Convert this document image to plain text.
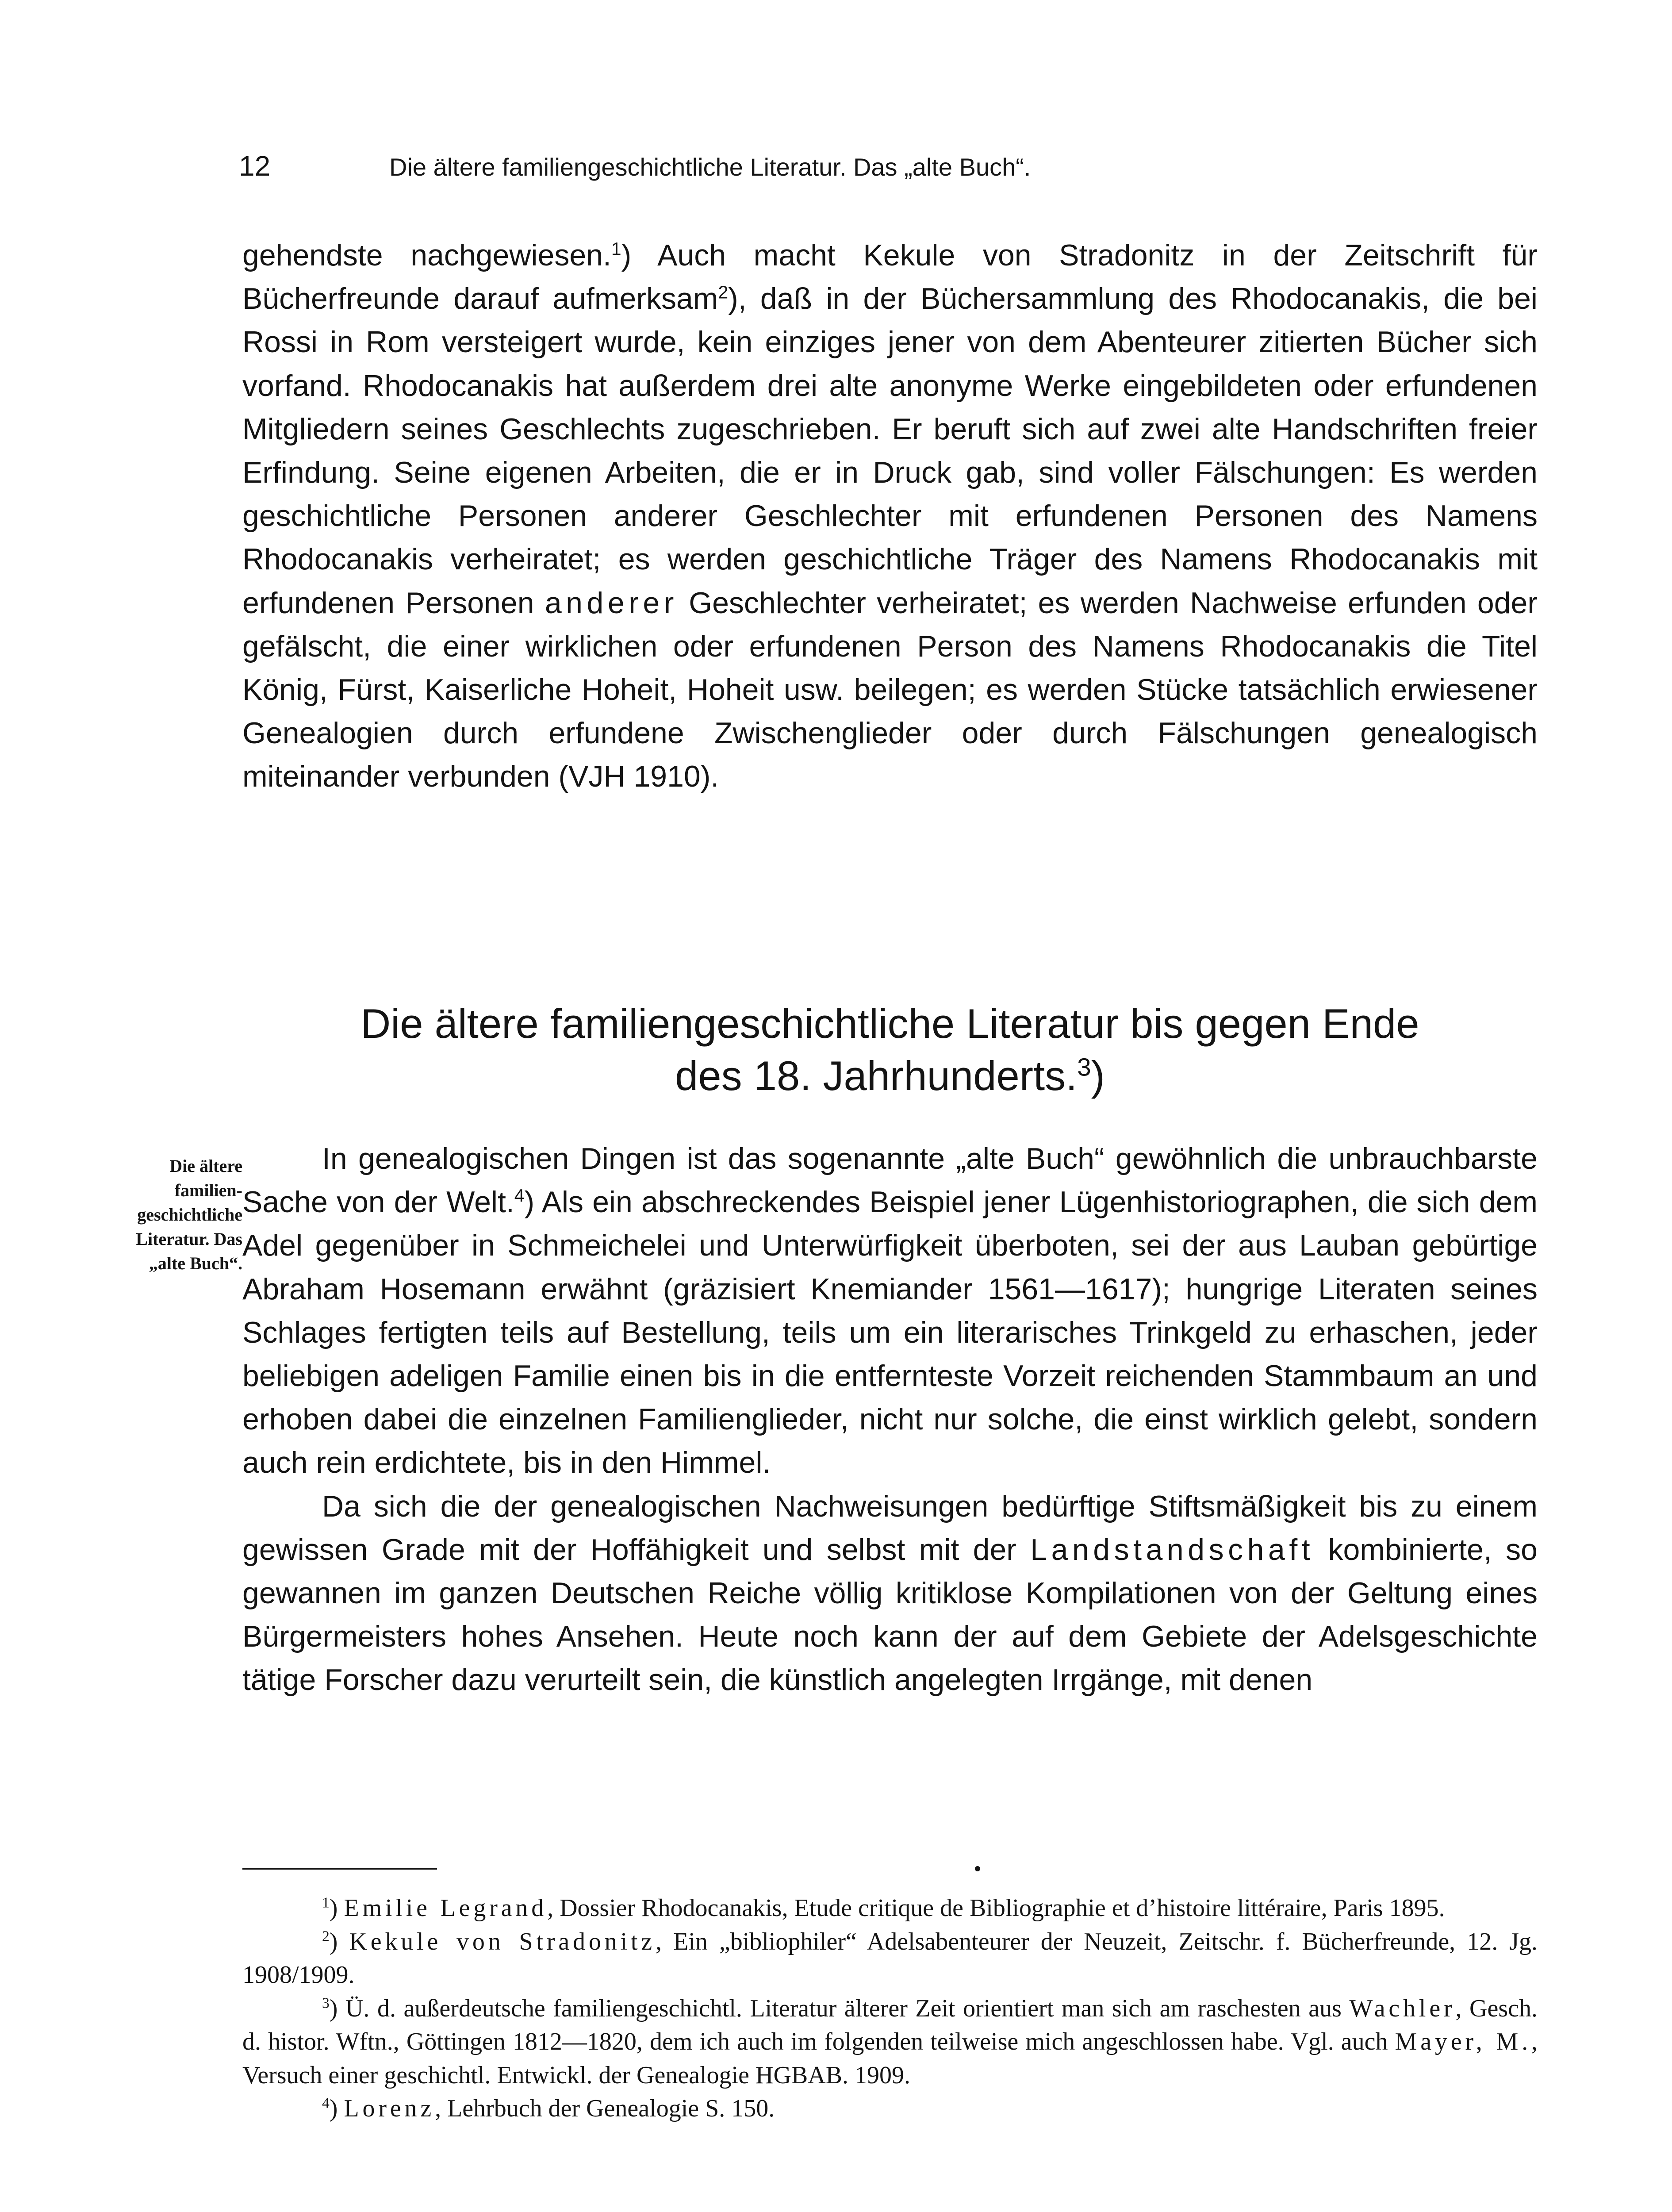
12	Die ältere familiengeschichtliche Literatur. Das „alte Buch“.

gehendste nachgewiesen.$^1$) Auch macht Kekule von Stradonitz in der Zeitschrift für Bücherfreunde darauf aufmerksam$^2$), daß in der Büchersammlung des Rhodocanakis, die bei Rossi in Rom versteigert wurde, kein einziges jener von dem Abenteurer zitierten Bücher sich vorfand. Rhodocanakis hat außerdem drei alte anonyme Werke eingebildeten oder erfundenen Mitgliedern seines Geschlechts zugeschrieben. Er beruft sich auf zwei alte Handschriften freier Erfindung. Seine eigenen Arbeiten, die er in Druck gab, sind voller Fälschungen: Es werden geschichtliche Personen anderer Geschlechter mit erfundenen Personen des Namens Rhodocanakis verheiratet; es werden geschichtliche Träger des Namens Rhodocanakis mit erfundenen Personen anderer Geschlechter verheiratet; es werden Nachweise erfunden oder gefälscht, die einer wirklichen oder erfundenen Person des Namens Rhodocanakis die Titel König, Fürst, Kaiserliche Hoheit, Hoheit usw. beilegen; es werden Stücke tatsächlich erwiesener Genealogien durch erfundene Zwischenglieder oder durch Fälschungen genealogisch miteinander verbunden (VJH 1910).

Die ältere familiengeschichtliche Literatur bis gegen Ende
des 18. Jahrhunderts.$^3$)
Die ältere
familien-
geschichtliche
Literatur. Das
„alte Buch“.

In genealogischen Dingen ist das sogenannte „alte Buch“ gewöhnlich die unbrauchbarste Sache von der Welt.$^4$) Als ein abschreckendes Beispiel jener Lügenhistoriographen, die sich dem Adel gegenüber in Schmeichelei und Unterwürfigkeit überboten, sei der aus Lauban gebürtige Abraham Hosemann erwähnt (gräzisiert Knemiander 1561—1617); hungrige Literaten seines Schlages fertigten teils auf Bestellung, teils um ein literarisches Trinkgeld zu erhaschen, jeder beliebigen adeligen Familie einen bis in die entfernteste Vorzeit reichenden Stammbaum an und erhoben dabei die einzelnen Familienglieder, nicht nur solche, die einst wirklich gelebt, sondern auch rein erdichtete, bis in den Himmel.

Da sich die der genealogischen Nachweisungen bedürftige Stiftsmäßigkeit bis zu einem gewissen Grade mit der Hoffähigkeit und selbst mit der Landstandschaft kombinierte, so gewannen im ganzen Deutschen Reiche völlig kritiklose Kompilationen von der Geltung eines Bürgermeisters hohes Ansehen. Heute noch kann der auf dem Gebiete der Adelsgeschichte tätige Forscher dazu verurteilt sein, die künstlich angelegten Irrgänge, mit denen

$^1$) Emilie Legrand, Dossier Rhodocanakis, Etude critique de Bibliographie et d’histoire littéraire, Paris 1895.

$^2$) Kekule von Stradonitz, Ein „bibliophiler“ Adelsabenteurer der Neuzeit, Zeitschr. f. Bücherfreunde, 12. Jg. 1908/1909.

$^3$) Ü. d. außerdeutsche familiengeschichtl. Literatur älterer Zeit orientiert man sich am raschesten aus Wachler, Gesch. d. histor. Wftn., Göttingen 1812—1820, dem ich auch im folgenden teilweise mich angeschlossen habe. Vgl. auch Mayer, M., Versuch einer geschichtl. Entwickl. der Genealogie HGBAB. 1909.

$^4$) Lorenz, Lehrbuch der Genealogie S. 150.
